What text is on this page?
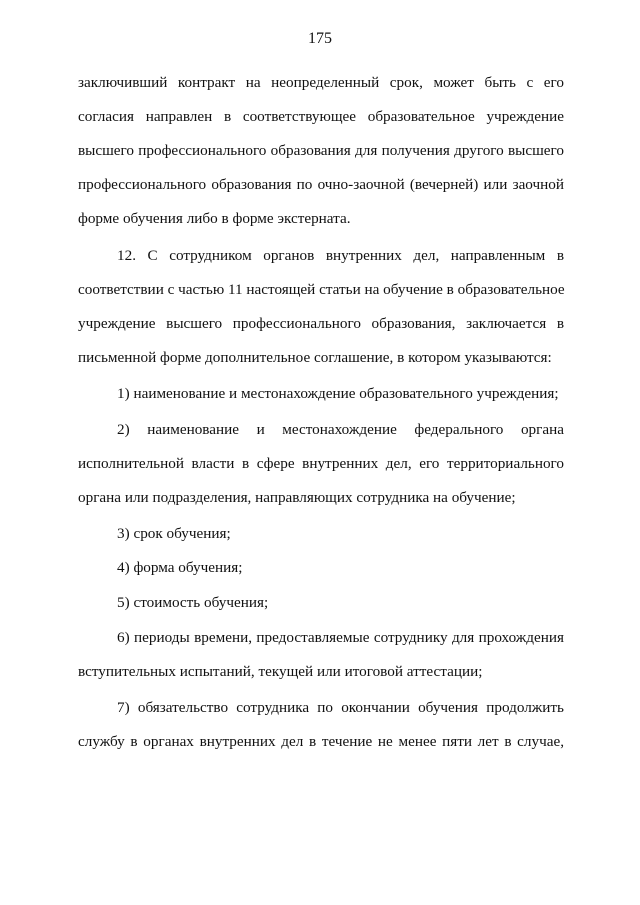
175
заключивший контракт на неопределенный срок, может быть с его
согласия направлен в соответствующее образовательное учреждение
высшего профессионального образования для получения другого высшего
профессионального образования по очно-заочной (вечерней) или заочной
форме обучения либо в форме экстерната.
12. С сотрудником органов внутренних дел, направленным в
соответствии с частью 11 настоящей статьи на обучение в образовательное
учреждение высшего профессионального образования, заключается в
письменной форме дополнительное соглашение, в котором указываются:
1) наименование и местонахождение образовательного учреждения;
2) наименование и местонахождение федерального органа
исполнительной власти в сфере внутренних дел, его территориального
органа или подразделения, направляющих сотрудника на обучение;
3) срок обучения;
4) форма обучения;
5) стоимость обучения;
6) периоды времени, предоставляемые сотруднику для прохождения
вступительных испытаний, текущей или итоговой аттестации;
7) обязательство сотрудника по окончании обучения продолжить
службу в органах внутренних дел в течение не менее пяти лет в случае,
